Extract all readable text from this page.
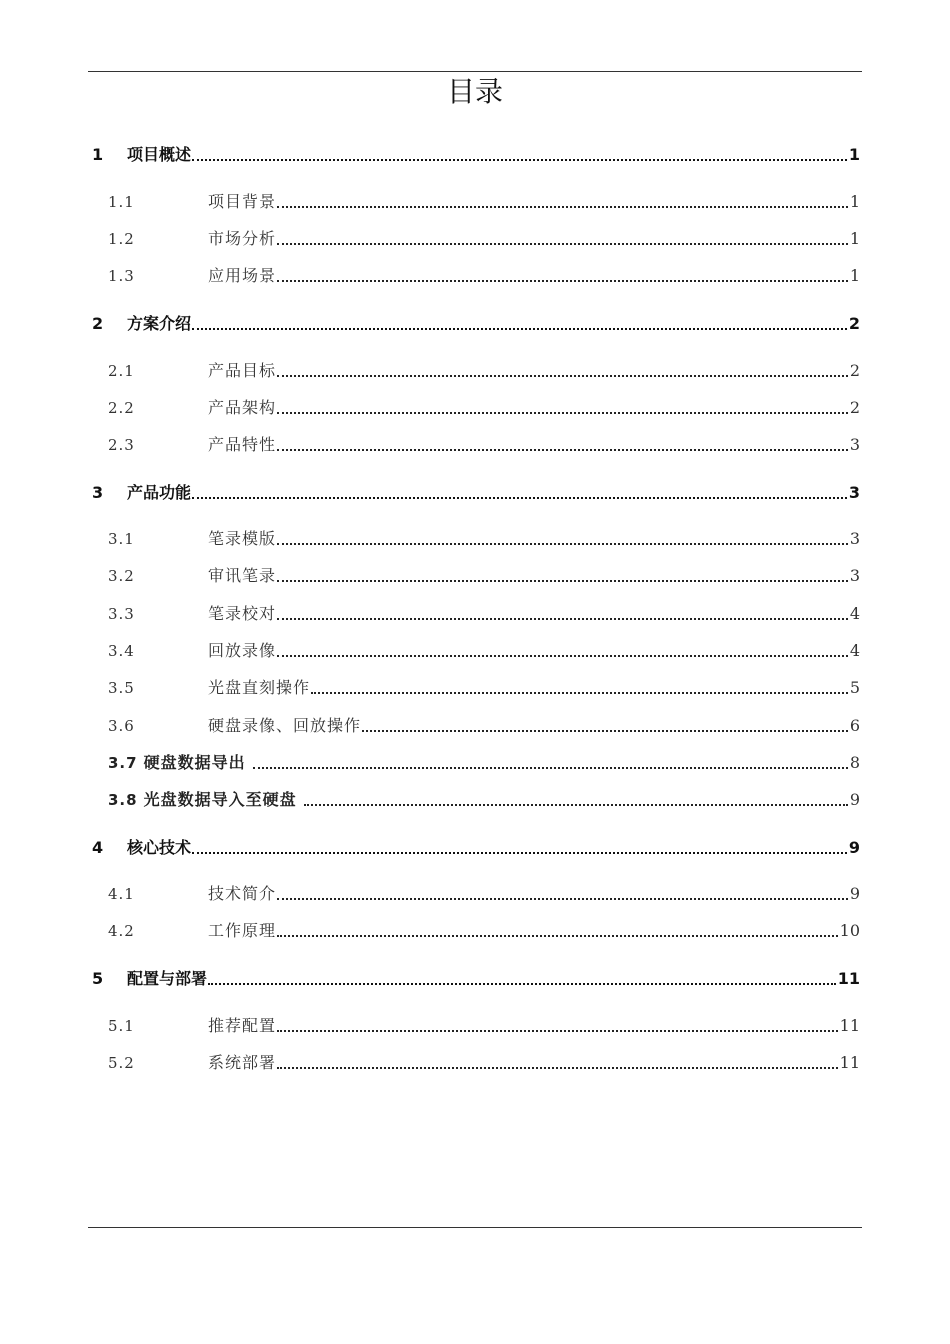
目录
1	项目概述	1
1.1	项目背景	1
1.2	市场分析	1
1.3	应用场景	1
2	方案介绍	2
2.1	产品目标	2
2.2	产品架构	2
2.3	产品特性	3
3	产品功能	3
3.1	笔录模版	3
3.2	审讯笔录	3
3.3	笔录校对	4
3.4	回放录像	4
3.5	光盘直刻操作	5
3.6	硬盘录像、回放操作	6
3.7 硬盘数据导出	8
3.8 光盘数据导入至硬盘	9
4	核心技术	9
4.1	技术简介	9
4.2	工作原理	10
5	配置与部署	11
5.1	推荐配置	11
5.2	系统部署	11
